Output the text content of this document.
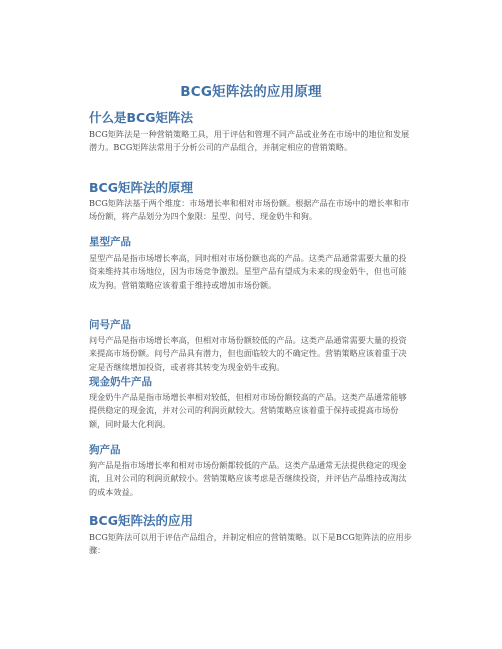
BCG矩阵法的应用原理
什么是BCG矩阵法
BCG矩阵法是一种营销策略工具，用于评估和管理不同产品或业务在市场中的地位和发展潜力。BCG矩阵法常用于分析公司的产品组合，并制定相应的营销策略。
BCG矩阵法的原理
BCG矩阵法基于两个维度：市场增长率和相对市场份额。根据产品在市场中的增长率和市场份额，将产品划分为四个象限：星型、问号、现金奶牛和狗。
星型产品
星型产品是指市场增长率高，同时相对市场份额也高的产品。这类产品通常需要大量的投资来维持其市场地位，因为市场竞争激烈。星型产品有望成为未来的现金奶牛，但也可能成为狗。营销策略应该着重于维持或增加市场份额。
问号产品
问号产品是指市场增长率高，但相对市场份额较低的产品。这类产品通常需要大量的投资来提高市场份额。问号产品具有潜力，但也面临较大的不确定性。营销策略应该着重于决定是否继续增加投资，或者将其转变为现金奶牛或狗。
现金奶牛产品
现金奶牛产品是指市场增长率相对较低，但相对市场份额较高的产品。这类产品通常能够提供稳定的现金流，并对公司的利润贡献较大。营销策略应该着重于保持或提高市场份额，同时最大化利润。
狗产品
狗产品是指市场增长率和相对市场份额都较低的产品。这类产品通常无法提供稳定的现金流，且对公司的利润贡献较小。营销策略应该考虑是否继续投资，并评估产品维持或淘汰的成本效益。
BCG矩阵法的应用
BCG矩阵法可以用于评估产品组合，并制定相应的营销策略。以下是BCG矩阵法的应用步骤：
